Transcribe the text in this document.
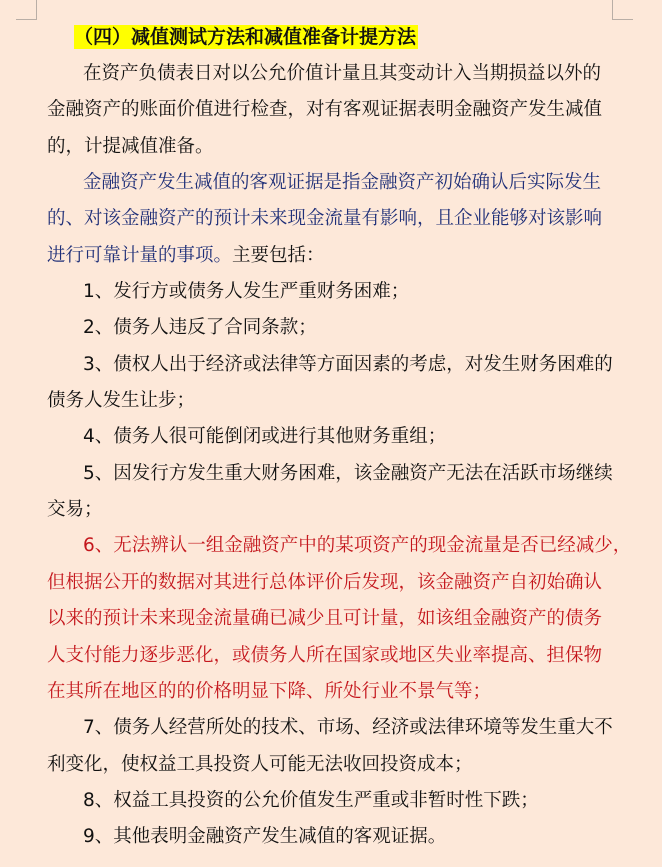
（四）减值测试方法和减值准备计提方法
在资产负债表日对以公允价值计量且其变动计入当期损益以外的
金融资产的账面价值进行检查，对有客观证据表明金融资产发生减值
的，计提减值准备。
金融资产发生减值的客观证据是指金融资产初始确认后实际发生
的、对该金融资产的预计未来现金流量有影响，且企业能够对该影响
进行可靠计量的事项。主要包括：
1、发行方或债务人发生严重财务困难；
2、债务人违反了合同条款；
3、债权人出于经济或法律等方面因素的考虑，对发生财务困难的
债务人发生让步；
4、债务人很可能倒闭或进行其他财务重组；
5、因发行方发生重大财务困难，该金融资产无法在活跃市场继续
交易；
6、无法辨认一组金融资产中的某项资产的现金流量是否已经减少，
但根据公开的数据对其进行总体评价后发现，该金融资产自初始确认
以来的预计未来现金流量确已减少且可计量，如该组金融资产的债务
人支付能力逐步恶化，或债务人所在国家或地区失业率提高、担保物
在其所在地区的的价格明显下降、所处行业不景气等；
7、债务人经营所处的技术、市场、经济或法律环境等发生重大不
利变化，使权益工具投资人可能无法收回投资成本；
8、权益工具投资的公允价值发生严重或非暂时性下跌；
9、其他表明金融资产发生减值的客观证据。
